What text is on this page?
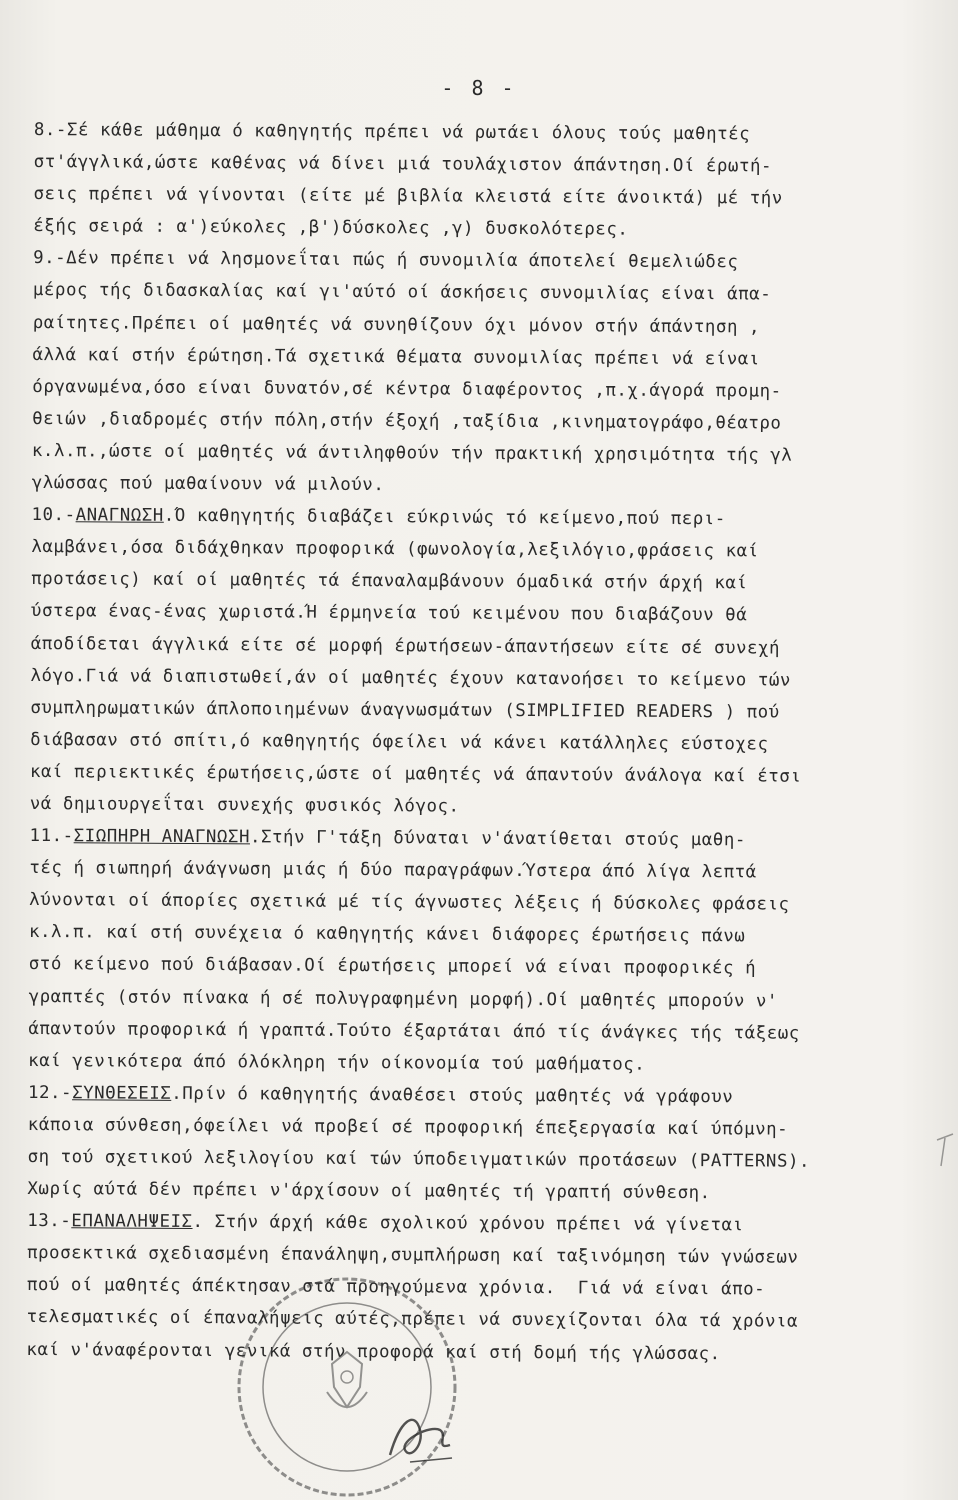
- 8 -
8.-Σέ κάθε μάθημα ό καθηγητής πρέπει νά ρωτάει όλους τούς μαθητές
στ'άγγλικά,ώστε καθένας νά δίνει μιά τουλάχιστον άπάντηση.Οί έρωτή-
σεις πρέπει νά γίνονται (είτε μέ βιβλία κλειστά είτε άνοικτά) μέ τήν
έξής σειρά : α')εύκολες ,β')δύσκολες ,γ) δυσκολότερες.
9.-Δέν πρέπει νά λησμονεΐται πώς ή συνομιλία άποτελεί θεμελιώδες
μέρος τής διδασκαλίας καί γι'αύτό οί άσκήσεις συνομιλίας είναι άπα-
ραίτητες.Πρέπει οί μαθητές νά συνηθίζουν όχι μόνον στήν άπάντηση ,
άλλά καί στήν έρώτηση.Τά σχετικά θέματα συνομιλίας πρέπει νά είναι
όργανωμένα,όσο είναι δυνατόν,σέ κέντρα διαφέροντος ,π.χ.άγορά προμη-
θειών ,διαδρομές στήν πόλη,στήν έξοχή ,ταξίδια ,κινηματογράφο,θέατρο
κ.λ.π.,ώστε οί μαθητές νά άντιληφθούν τήν πρακτική χρησιμότητα τής γλ
γλώσσας πού μαθαίνουν νά μιλούν.
10.-ΑΝΑΓΝΩΣΗ.Ό καθηγητής διαβάζει εύκρινώς τό κείμενο,πού περι-
λαμβάνει,όσα διδάχθηκαν προφορικά (φωνολογία,λεξιλόγιο,φράσεις καί
προτάσεις) καί οί μαθητές τά έπαναλαμβάνουν όμαδικά στήν άρχή καί
ύστερα ένας-ένας χωριστά.Ή έρμηνεία τού κειμένου που διαβάζουν θά
άποδίδεται άγγλικά είτε σέ μορφή έρωτήσεων-άπαντήσεων είτε σέ συνεχή
λόγο.Γιά νά διαπιστωθεί,άν οί μαθητές έχουν κατανοήσει το κείμενο τών
συμπληρωματικών άπλοποιημένων άναγνωσμάτων (SIMPLIFIED READERS ) πού
διάβασαν στό σπίτι,ό καθηγητής όφείλει νά κάνει κατάλληλες εύστοχες
καί περιεκτικές έρωτήσεις,ώστε οί μαθητές νά άπαντούν άνάλογα καί έτσι
νά δημιουργεΐται συνεχής φυσικός λόγος.
11.-ΣΙΩΠΗΡΗ ΑΝΑΓΝΩΣΗ.Στήν Γ'τάξη δύναται ν'άνατίθεται στούς μαθη-
τές ή σιωπηρή άνάγνωση μιάς ή δύο παραγράφων.Ύστερα άπό λίγα λεπτά
λύνονται οί άπορίες σχετικά μέ τίς άγνωστες λέξεις ή δύσκολες φράσεις
κ.λ.π. καί στή συνέχεια ό καθηγητής κάνει διάφορες έρωτήσεις πάνω
στό κείμενο πού διάβασαν.Οί έρωτήσεις μπορεί νά είναι προφορικές ή
γραπτές (στόν πίνακα ή σέ πολυγραφημένη μορφή).Οί μαθητές μπορούν ν'
άπαντούν προφορικά ή γραπτά.Τούτο έξαρτάται άπό τίς άνάγκες τής τάξεως
καί γενικότερα άπό όλόκληρη τήν οίκονομία τού μαθήματος.
12.-ΣΥΝΘΕΣΕΙΣ.Πρίν ό καθηγητής άναθέσει στούς μαθητές νά γράφουν
κάποια σύνθεση,όφείλει νά προβεί σέ προφορική έπεξεργασία καί ύπόμνη-
ση τού σχετικού λεξιλογίου καί τών ύποδειγματικών προτάσεων (PATTERNS).
Χωρίς αύτά δέν πρέπει ν'άρχίσουν οί μαθητές τή γραπτή σύνθεση.
13.-ΕΠΑΝΑΛΗΨΕΙΣ. Στήν άρχή κάθε σχολικού χρόνου πρέπει νά γίνεται
προσεκτικά σχεδιασμένη έπανάληψη,συμπλήρωση καί ταξινόμηση τών γνώσεων
πού οί μαθητές άπέκτησαν στά προηγούμενα χρόνια.  Γιά νά είναι άπο-
τελεσματικές οί έπαναλήψεις αύτές,πρέπει νά συνεχίζονται όλα τά χρόνια
καί ν'άναφέρονται γενικά στήν προφορά καί στή δομή τής γλώσσας.
